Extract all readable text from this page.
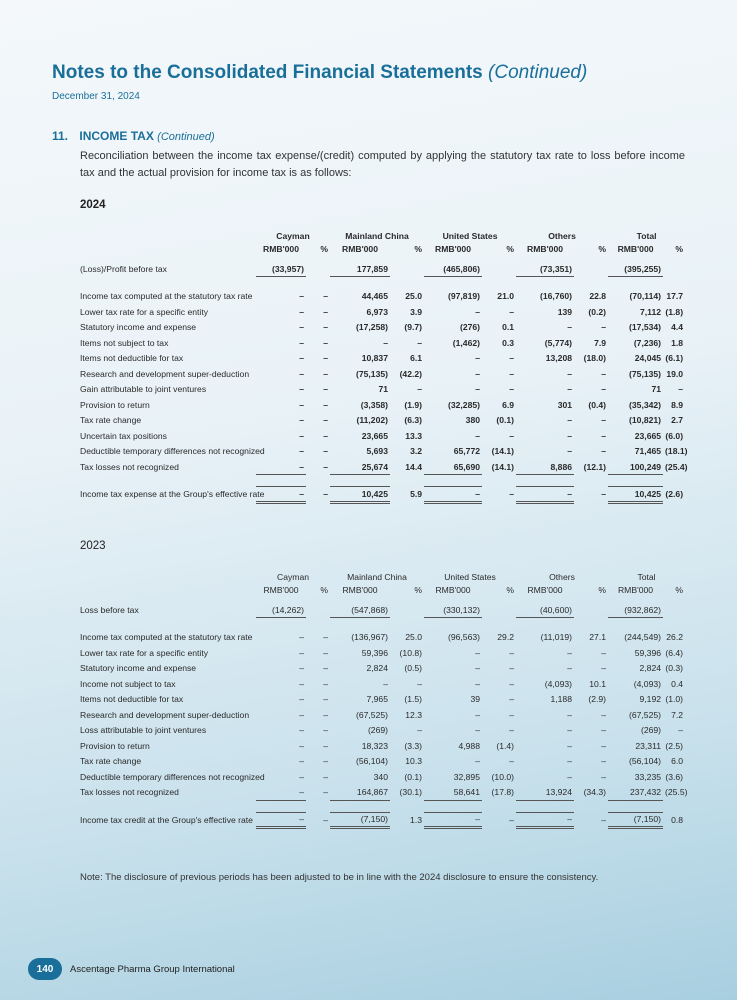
Notes to the Consolidated Financial Statements (Continued)
December 31, 2024
11. INCOME TAX (Continued)
Reconciliation between the income tax expense/(credit) computed by applying the statutory tax rate to loss before income tax and the actual provision for income tax is as follows:
2024
	Cayman		Mainland China		United States		Others		Total	
	RMB'000	%	RMB'000	%	RMB'000	%	RMB'000	%	RMB'000	%

(Loss)/Profit before tax	(33,957)		177,859		(465,806)		(73,351)		(395,255)	

Income tax computed at the statutory tax rate	–	–	44,465	25.0	(97,819)	21.0	(16,760)	22.8	(70,114)	17.7
Lower tax rate for a specific entity	–	–	6,973	3.9	–	–	139	(0.2)	7,112	(1.8)
Statutory income and expense	–	–	(17,258)	(9.7)	(276)	0.1	–	–	(17,534)	4.4
Items not subject to tax	–	–	–	–	(1,462)	0.3	(5,774)	7.9	(7,236)	1.8
Items not deductible for tax	–	–	10,837	6.1	–	–	13,208	(18.0)	24,045	(6.1)
Research and development super-deduction	–	–	(75,135)	(42.2)	–	–	–	–	(75,135)	19.0
Gain attributable to joint ventures	–	–	71	–	–	–	–	–	71	–
Provision to return	–	–	(3,358)	(1.9)	(32,285)	6.9	301	(0.4)	(35,342)	8.9
Tax rate change	–	–	(11,202)	(6.3)	380	(0.1)	–	–	(10,821)	2.7
Uncertain tax positions	–	–	23,665	13.3	–	–	–	–	23,665	(6.0)
Deductible temporary differences not recognized	–	–	5,693	3.2	65,772	(14.1)	–	–	71,465	(18.1)
Tax losses not recognized	–	–	25,674	14.4	65,690	(14.1)	8,886	(12.1)	100,249	(25.4)

Income tax expense at the Group's effective rate	–	–	10,425	5.9	–	–	–	–	10,425	(2.6)
2023
	Cayman		Mainland China		United States		Others		Total	
	RMB'000	%	RMB'000	%	RMB'000	%	RMB'000	%	RMB'000	%

Loss before tax	(14,262)		(547,868)		(330,132)		(40,600)		(932,862)	

Income tax computed at the statutory tax rate	–	–	(136,967)	25.0	(96,563)	29.2	(11,019)	27.1	(244,549)	26.2
Lower tax rate for a specific entity	–	–	59,396	(10.8)	–	–	–	–	59,396	(6.4)
Statutory income and expense	–	–	2,824	(0.5)	–	–	–	–	2,824	(0.3)
Income not subject to tax	–	–	–	–	–	–	(4,093)	10.1	(4,093)	0.4
Items not deductible for tax	–	–	7,965	(1.5)	39	–	1,188	(2.9)	9,192	(1.0)
Research and development super-deduction	–	–	(67,525)	12.3	–	–	–	–	(67,525)	7.2
Loss attributable to joint ventures	–	–	(269)	–	–	–	–	–	(269)	–
Provision to return	–	–	18,323	(3.3)	4,988	(1.4)	–	–	23,311	(2.5)
Tax rate change	–	–	(56,104)	10.3	–	–	–	–	(56,104)	6.0
Deductible temporary differences not recognized	–	–	340	(0.1)	32,895	(10.0)	–	–	33,235	(3.6)
Tax losses not recognized	–	–	164,867	(30.1)	58,641	(17.8)	13,924	(34.3)	237,432	(25.5)

Income tax credit at the Group's effective rate	–	–	(7,150)	1.3	–	–	–	–	(7,150)	0.8
Note: The disclosure of previous periods has been adjusted to be in line with the 2024 disclosure to ensure the consistency.
140	Ascentage Pharma Group International
